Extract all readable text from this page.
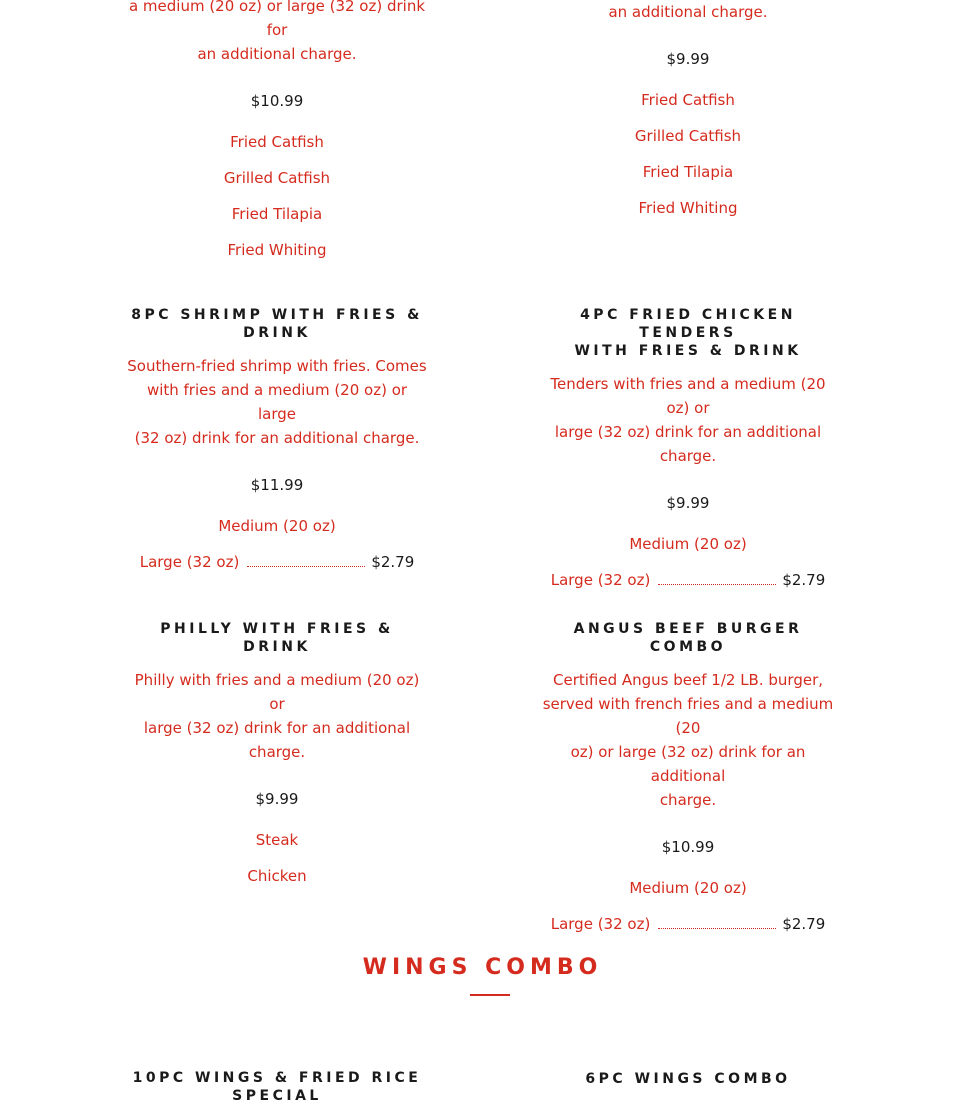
a medium (20 oz) or large (32 oz) drink for
an additional charge.

$10.99

Fried Catfish

Grilled Catfish

Fried Tilapia

Fried Whiting

an additional charge.

$9.99

Fried Catfish

Grilled Catfish

Fried Tilapia

Fried Whiting

8PC SHRIMP WITH FRIES &
DRINK

Southern-fried shrimp with fries. Comes
with fries and a medium (20 oz) or large
(32 oz) drink for an additional charge.

$11.99

Medium (20 oz)

Large (32 oz)	$2.79

4PC FRIED CHICKEN TENDERS
WITH FRIES & DRINK

Tenders with fries and a medium (20 oz) or
large (32 oz) drink for an additional
charge.

$9.99

Medium (20 oz)

Large (32 oz)	$2.79

PHILLY WITH FRIES & DRINK

Philly with fries and a medium (20 oz) or
large (32 oz) drink for an additional
charge.

$9.99

Steak

Chicken

ANGUS BEEF BURGER COMBO

Certified Angus beef 1/2 LB. burger,
served with french fries and a medium (20
oz) or large (32 oz) drink for an additional
charge.

$10.99

Medium (20 oz)

Large (32 oz)	$2.79
WINGS COMBO

10PC WINGS & FRIED RICE
SPECIAL

6PC WINGS COMBO
